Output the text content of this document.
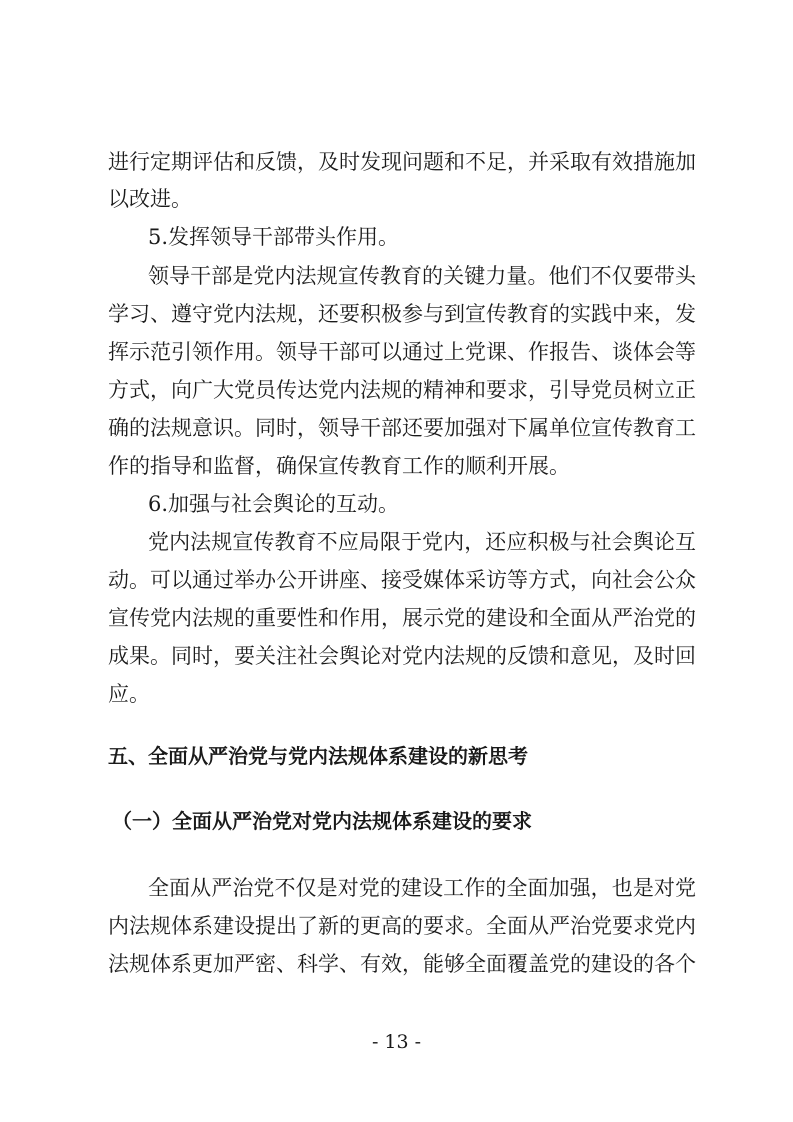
进行定期评估和反馈，及时发现问题和不足，并采取有效措施加
以改进。
5.发挥领导干部带头作用。
领导干部是党内法规宣传教育的关键力量。他们不仅要带头
学习、遵守党内法规，还要积极参与到宣传教育的实践中来，发
挥示范引领作用。领导干部可以通过上党课、作报告、谈体会等
方式，向广大党员传达党内法规的精神和要求，引导党员树立正
确的法规意识。同时，领导干部还要加强对下属单位宣传教育工
作的指导和监督，确保宣传教育工作的顺利开展。
6.加强与社会舆论的互动。
党内法规宣传教育不应局限于党内，还应积极与社会舆论互
动。可以通过举办公开讲座、接受媒体采访等方式，向社会公众
宣传党内法规的重要性和作用，展示党的建设和全面从严治党的
成果。同时，要关注社会舆论对党内法规的反馈和意见，及时回
应。
五、全面从严治党与党内法规体系建设的新思考
（一）全面从严治党对党内法规体系建设的要求
全面从严治党不仅是对党的建设工作的全面加强，也是对党
内法规体系建设提出了新的更高的要求。全面从严治党要求党内
法规体系更加严密、科学、有效，能够全面覆盖党的建设的各个
- 13 -
